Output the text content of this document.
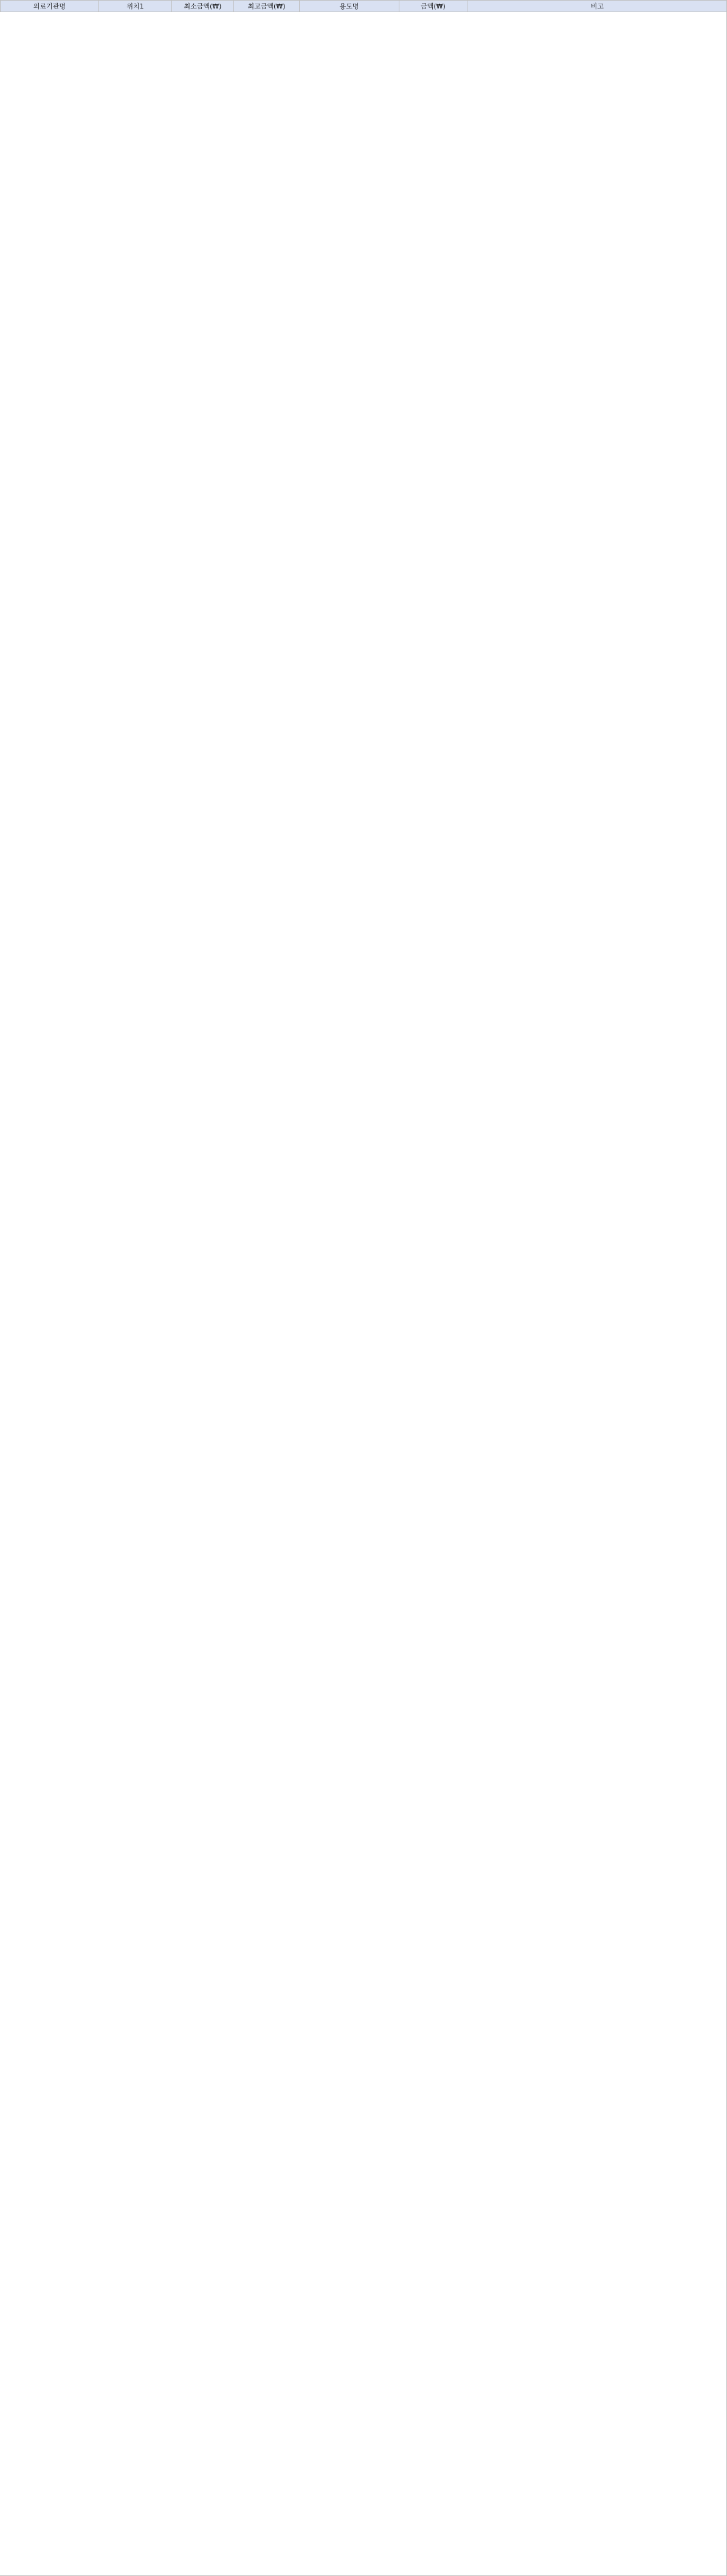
의료기관명	위치1	최소금액(₩)	최고금액(₩)	용도명	금액(₩)	비고
